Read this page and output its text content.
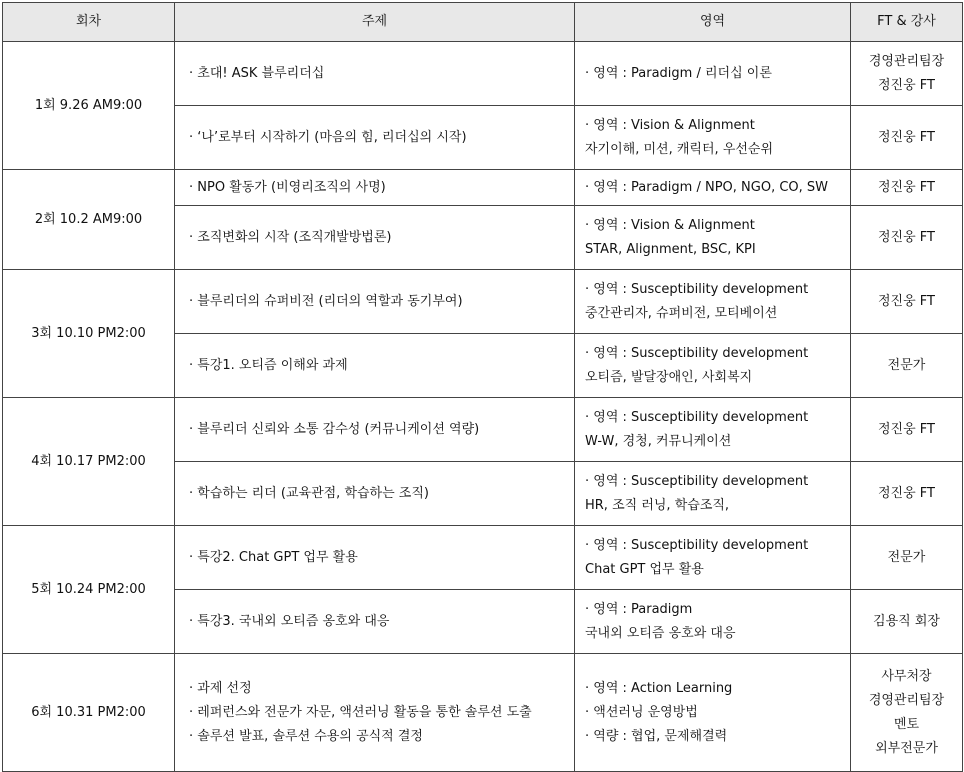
회차	주제	영역	FT & 강사
1회 9.26 AM9:00	· 초대! ASK 블루리더십	· 영역 : Paradigm / 리더십 이론	경영관리팀장
정진웅 FT

	· ‘나’로부터 시작하기 (마음의 힘, 리더십의 시작)	· 영역 : Vision & Alignment
자기이해, 미션, 캐릭터, 우선순위	정진웅 FT

2회 10.2 AM9:00	· NPO 활동가 (비영리조직의 사명)	· 영역 : Paradigm / NPO, NGO, CO, SW	정진웅 FT

	· 조직변화의 시작 (조직개발방법론)	· 영역 : Vision & Alignment
STAR, Alignment, BSC, KPI	정진웅 FT

3회 10.10 PM2:00	· 블루리더의 슈퍼비전 (리더의 역할과 동기부여)	· 영역 : Susceptibility development
중간관리자, 슈퍼비전, 모티베이션	정진웅 FT

	· 특강1. 오티즘 이해와 과제	· 영역 : Susceptibility development
오티즘, 발달장애인, 사회복지	전문가

4회 10.17 PM2:00	· 블루리더 신뢰와 소통 감수성 (커뮤니케이션 역량)	· 영역 : Susceptibility development
W-W, 경청, 커뮤니케이션	정진웅 FT

	· 학습하는 리더 (교육관점, 학습하는 조직)	· 영역 : Susceptibility development
HR, 조직 러닝, 학습조직,	정진웅 FT

5회 10.24 PM2:00	· 특강2. Chat GPT 업무 활용	· 영역 : Susceptibility development
Chat GPT 업무 활용	전문가

	· 특강3. 국내외 오티즘 옹호와 대응	· 영역 : Paradigm
국내외 오티즘 옹호와 대응	김용직 회장

6회 10.31 PM2:00	· 과제 선정
· 레퍼런스와 전문가 자문, 액션러닝 활동을 통한 솔루션 도출
· 솔루션 발표, 솔루션 수용의 공식적 결정	· 영역 : Action Learning
· 액션러닝 운영방법
· 역량 : 협업, 문제해결력	사무처장
경영관리팀장
멘토
외부전문가
